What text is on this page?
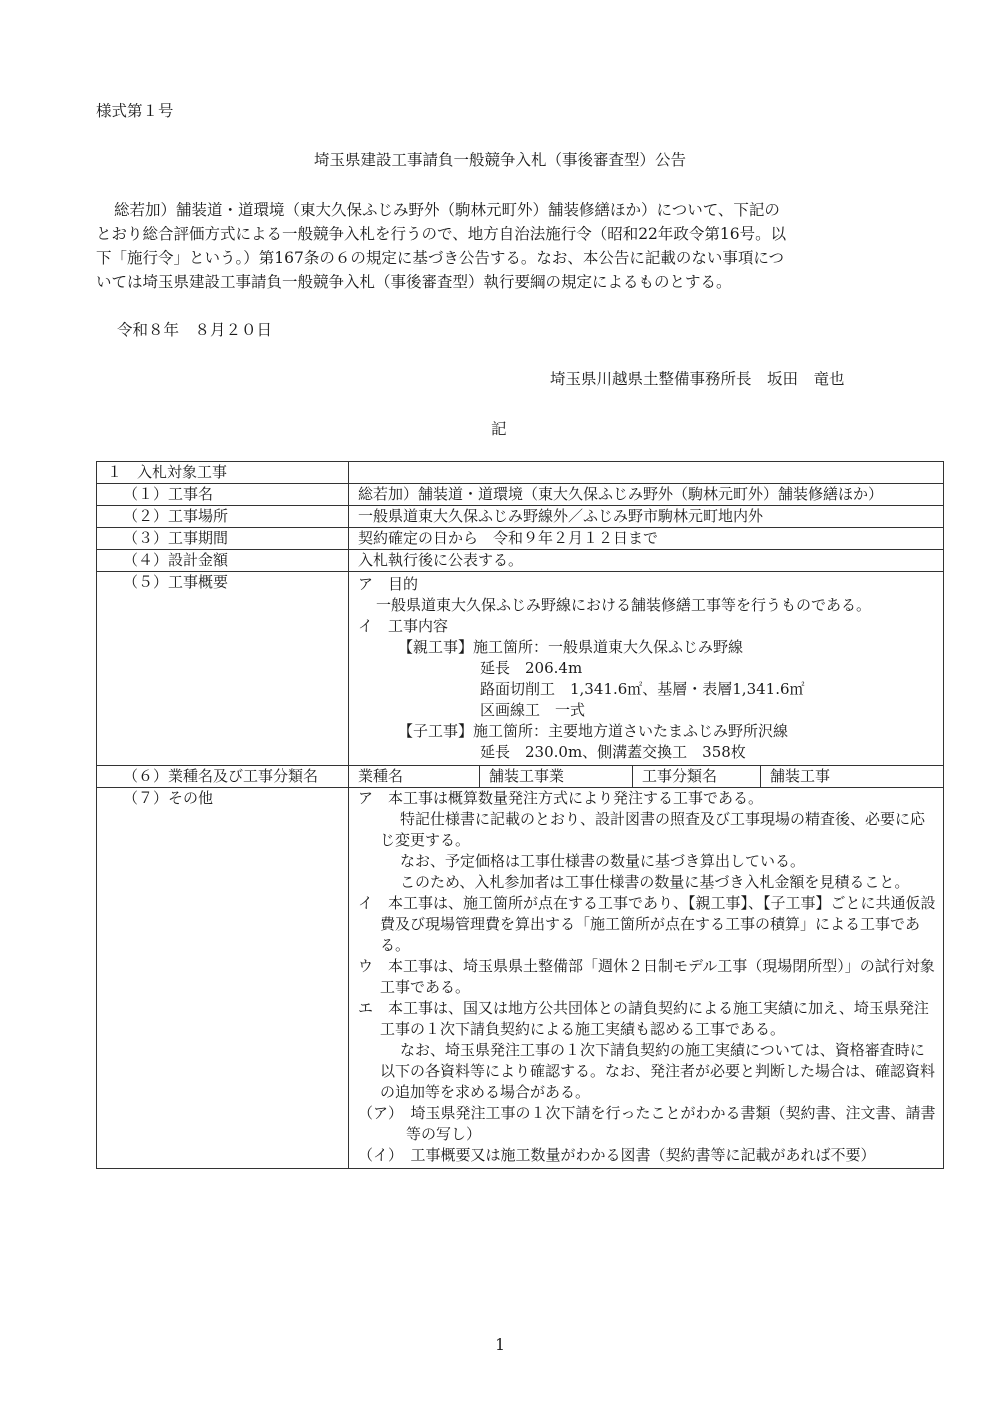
様式第１号
埼玉県建設工事請負一般競争入札（事後審査型）公告
総若加）舗装道・道環境（東大久保ふじみ野外（駒林元町外）舗装修繕ほか）について、下記の
とおり総合評価方式による一般競争入札を行うので、地方自治法施行令（昭和22年政令第16号。以
下「施行令」という。）第167条の６の規定に基づき公告する。なお、本公告に記載のない事項につ
いては埼玉県建設工事請負一般競争入札（事後審査型）執行要綱の規定によるものとする。
令和８年　８月２０日
埼玉県川越県土整備事務所長　坂田　竜也
記
１　入札対象工事	
（１）工事名	総若加）舗装道・道環境（東大久保ふじみ野外（駒林元町外）舗装修繕ほか）
（２）工事場所	一般県道東大久保ふじみ野線外／ふじみ野市駒林元町地内外
（３）工事期間	契約確定の日から　令和９年２月１２日まで
（４）設計金額	入札執行後に公表する。
（５）工事概要	ア　目的
一般県道東大久保ふじみ野線における舗装修繕工事等を行うものである。
イ　工事内容
【親工事】施工箇所：一般県道東大久保ふじみ野線
延長　206.4m
路面切削工　1,341.6㎡、基層・表層1,341.6㎡
区画線工　一式
【子工事】施工箇所：主要地方道さいたまふじみ野所沢線
延長　230.0m、側溝蓋交換工　358枚

（６）業種名及び工事分類名		業種名	舗装工事業	工事分類名	舗装工事

（７）その他	ア　本工事は概算数量発注方式により発注する工事である。
特記仕様書に記載のとおり、設計図書の照査及び工事現場の精査後、必要に応じ変更する。
なお、予定価格は工事仕様書の数量に基づき算出している。
このため、入札参加者は工事仕様書の数量に基づき入札金額を見積ること。
イ　本工事は、施工箇所が点在する工事であり、【親工事】、【子工事】ごとに共通仮設費及び現場管理費を算出する「施工箇所が点在する工事の積算」による工事である。
ウ　本工事は、埼玉県県土整備部「週休２日制モデル工事（現場閉所型）」の試行対象工事である。
エ　本工事は、国又は地方公共団体との請負契約による施工実績に加え、埼玉県発注工事の１次下請負契約による施工実績も認める工事である。
なお、埼玉県発注工事の１次下請負契約の施工実績については、資格審査時に以下の各資料等により確認する。なお、発注者が必要と判断した場合は、確認資料の追加等を求める場合がある。
（ア）　埼玉県発注工事の１次下請を行ったことがわかる書類（契約書、注文書、請書等の写し）
（イ）　工事概要又は施工数量がわかる図書（契約書等に記載があれば不要）
1
